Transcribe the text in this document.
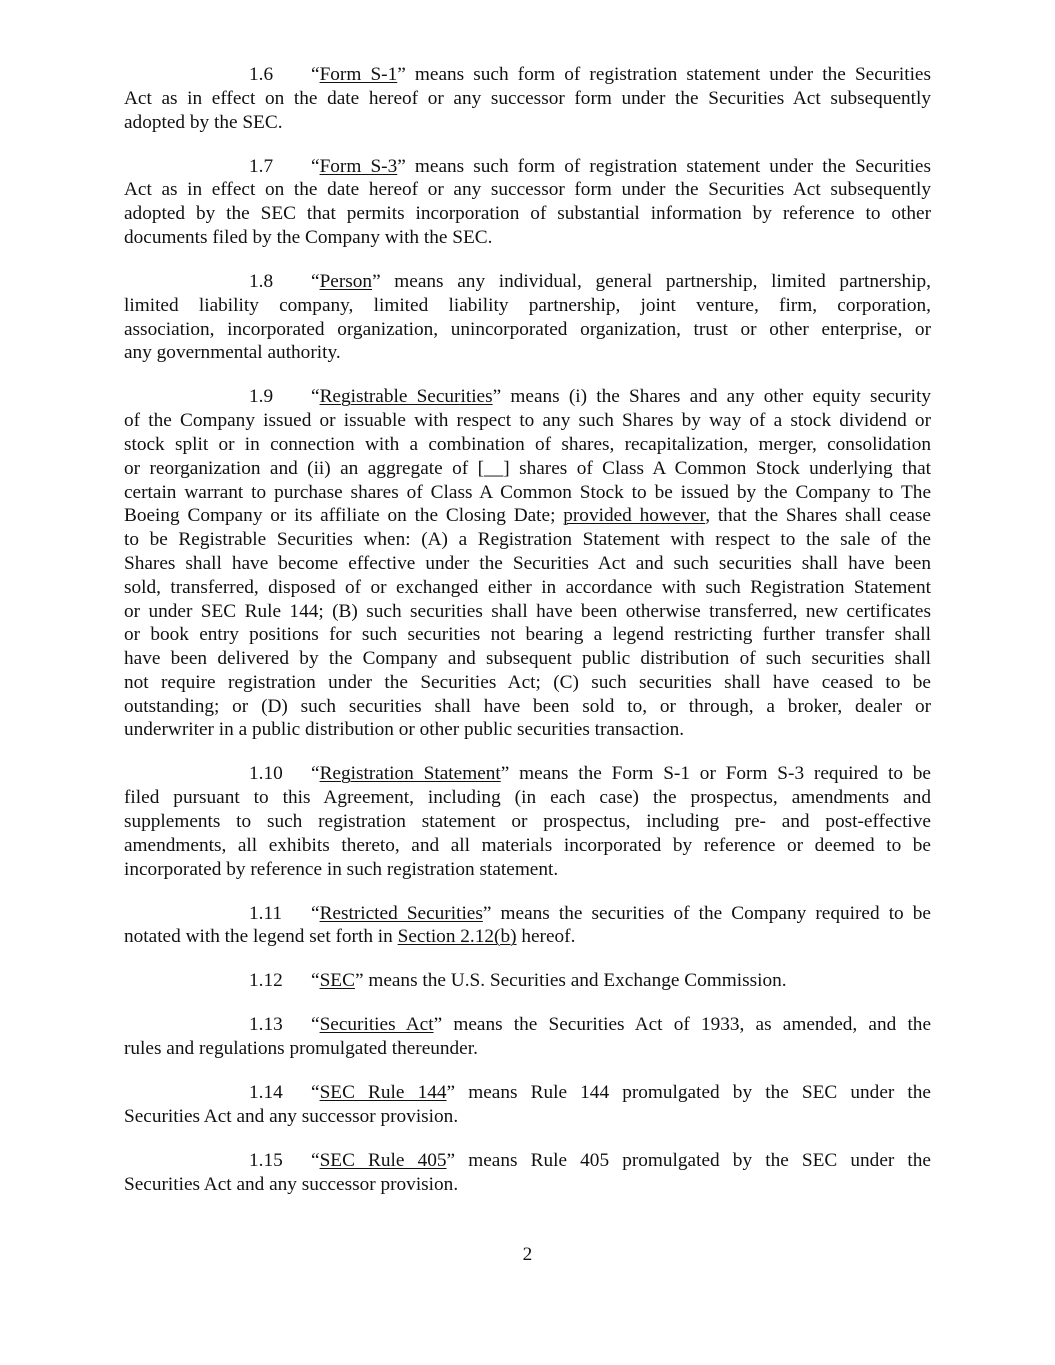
1.6 “Form S-1” means such form of registration statement under the Securities
Act as in effect on the date hereof or any successor form under the Securities Act subsequently
adopted by the SEC.
1.7 “Form S-3” means such form of registration statement under the Securities
Act as in effect on the date hereof or any successor form under the Securities Act subsequently
adopted by the SEC that permits incorporation of substantial information by reference to other
documents filed by the Company with the SEC.
1.8 “Person” means any individual, general partnership, limited partnership,
limited liability company, limited liability partnership, joint venture, firm, corporation,
association, incorporated organization, unincorporated organization, trust or other enterprise, or
any governmental authority.
1.9 “Registrable Securities” means (i) the Shares and any other equity security
of the Company issued or issuable with respect to any such Shares by way of a stock dividend or
stock split or in connection with a combination of shares, recapitalization, merger, consolidation
or reorganization and (ii) an aggregate of [__] shares of Class A Common Stock underlying that
certain warrant to purchase shares of Class A Common Stock to be issued by the Company to The
Boeing Company or its affiliate on the Closing Date; provided however, that the Shares shall cease
to be Registrable Securities when: (A) a Registration Statement with respect to the sale of the
Shares shall have become effective under the Securities Act and such securities shall have been
sold, transferred, disposed of or exchanged either in accordance with such Registration Statement
or under SEC Rule 144; (B) such securities shall have been otherwise transferred, new certificates
or book entry positions for such securities not bearing a legend restricting further transfer shall
have been delivered by the Company and subsequent public distribution of such securities shall
not require registration under the Securities Act; (C) such securities shall have ceased to be
outstanding; or (D) such securities shall have been sold to, or through, a broker, dealer or
underwriter in a public distribution or other public securities transaction.
1.10 “Registration Statement” means the Form S-1 or Form S-3 required to be
filed pursuant to this Agreement, including (in each case) the prospectus, amendments and
supplements to such registration statement or prospectus, including pre- and post-effective
amendments, all exhibits thereto, and all materials incorporated by reference or deemed to be
incorporated by reference in such registration statement.
1.11 “Restricted Securities” means the securities of the Company required to be
notated with the legend set forth in Section 2.12(b) hereof.
1.12 “SEC” means the U.S. Securities and Exchange Commission.
1.13 “Securities Act” means the Securities Act of 1933, as amended, and the
rules and regulations promulgated thereunder.
1.14 “SEC Rule 144” means Rule 144 promulgated by the SEC under the
Securities Act and any successor provision.
1.15 “SEC Rule 405” means Rule 405 promulgated by the SEC under the
Securities Act and any successor provision.
2
